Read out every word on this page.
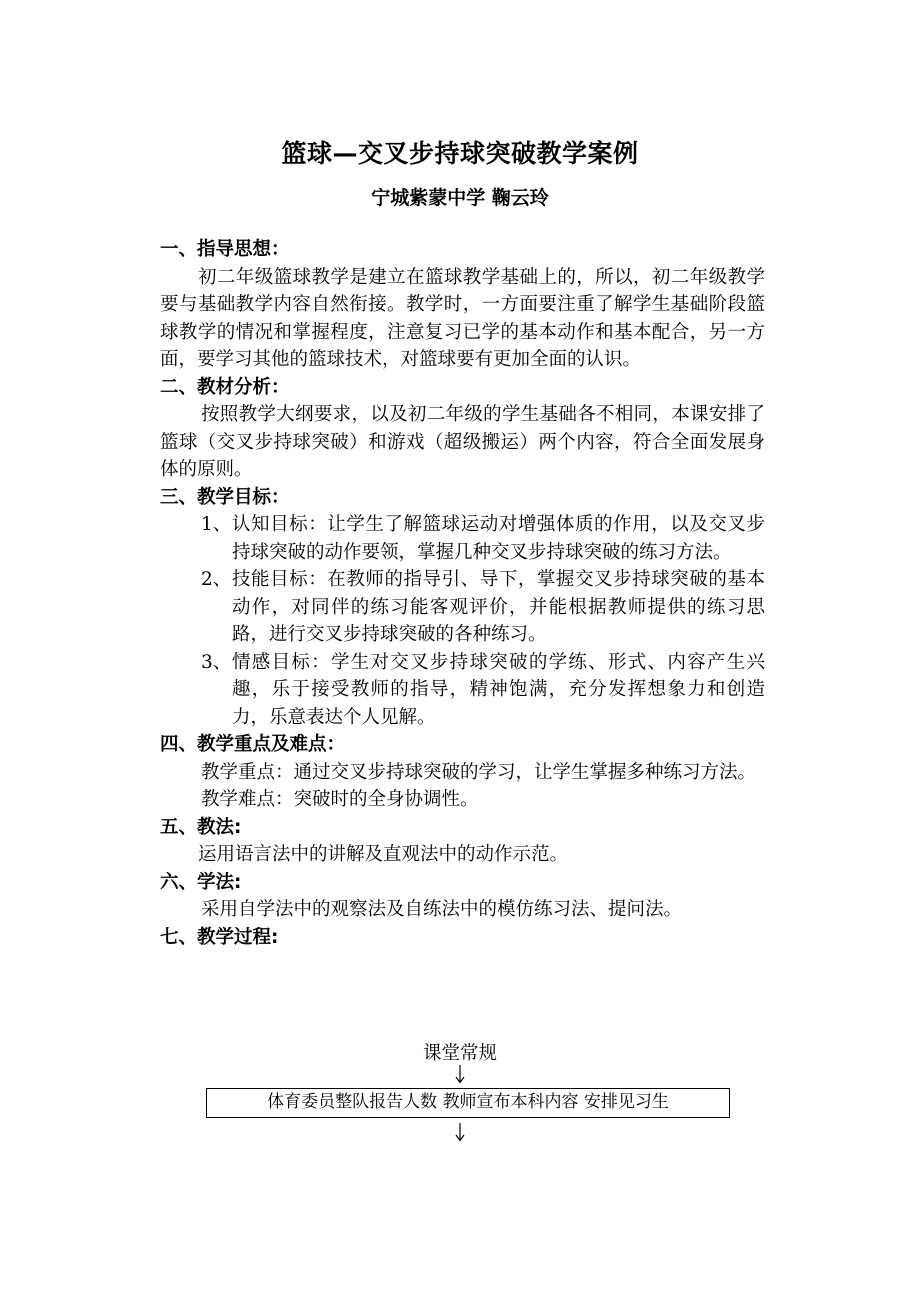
篮球—交叉步持球突破教学案例
宁城紫蒙中学 鞠云玲
一、指导思想：

初二年级篮球教学是建立在篮球教学基础上的，所以，初二年级教学要与基础教学内容自然衔接。教学时，一方面要注重了解学生基础阶段篮球教学的情况和掌握程度，注意复习已学的基本动作和基本配合，另一方面，要学习其他的篮球技术，对篮球要有更加全面的认识。

二、教材分析：

按照教学大纲要求，以及初二年级的学生基础各不相同，本课安排了篮球（交叉步持球突破）和游戏（超级搬运）两个内容，符合全面发展身体的原则。

三、教学目标：
1、 认知目标：让学生了解篮球运动对增强体质的作用，以及交叉步持球突破的动作要领，掌握几种交叉步持球突破的练习方法。
2、 技能目标：在教师的指导引、导下，掌握交叉步持球突破的基本动作，对同伴的练习能客观评价，并能根据教师提供的练习思路，进行交叉步持球突破的各种练习。
3、 情感目标：学生对交叉步持球突破的学练、形式、内容产生兴趣，乐于接受教师的指导，精神饱满，充分发挥想象力和创造力，乐意表达个人见解。
四、教学重点及难点：

教学重点：通过交叉步持球突破的学习，让学生掌握多种练习方法。

教学难点：突破时的全身协调性。

五、教法:

运用语言法中的讲解及直观法中的动作示范。

六、学法:

采用自学法中的观察法及自练法中的模仿练习法、提问法。

七、教学过程:
课堂常规
体育委员整队报告人数 教师宣布本科内容 安排见习生
